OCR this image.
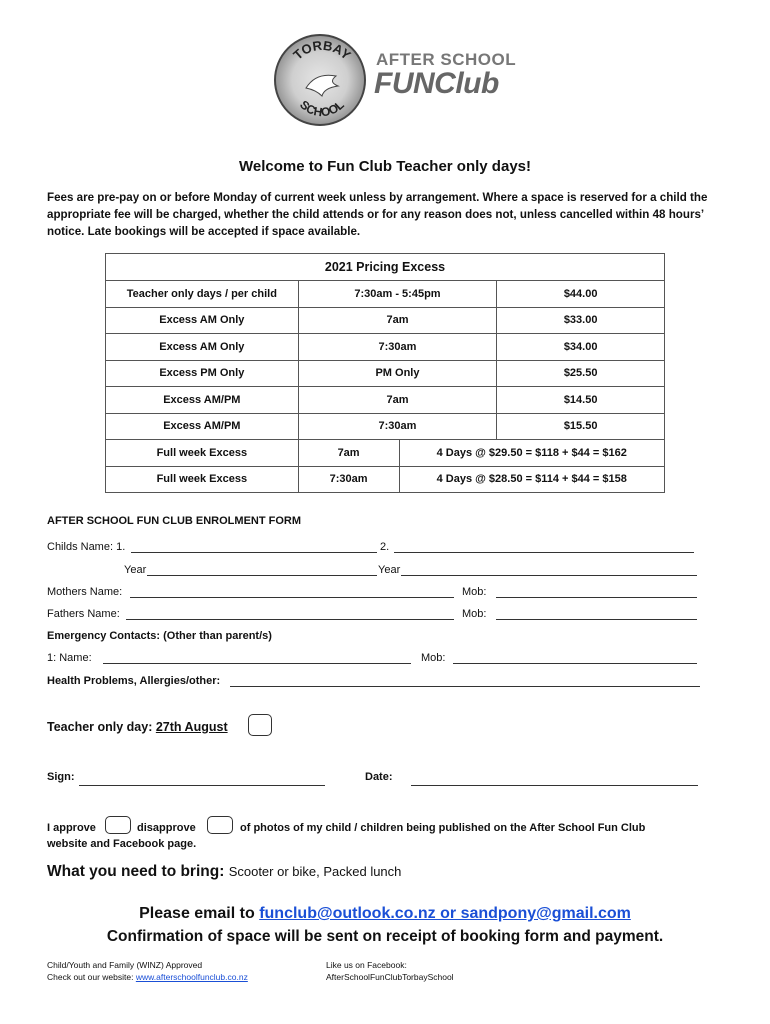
TORBAY
SCHOOL
AFTER SCHOOL
FUNClub
Welcome to Fun Club Teacher only days!
Fees are pre-pay on or before Monday of current week unless by arrangement. Where a space is reserved for a child the appropriate fee will be charged, whether the child attends or for any reason does not, unless cancelled within 48 hours’ notice. Late bookings will be accepted if space available.
2021 Pricing Excess			
Teacher only days / per child	7:30am - 5:45pm		$44.00
Excess AM Only	7am		$33.00
Excess AM Only	7:30am		$34.00
Excess PM Only	PM Only		$25.50
Excess AM/PM	7am		$14.50
Excess AM/PM	7:30am		$15.50
Full week Excess	7am	4 Days @ $29.50 = $118 + $44 = $162	
Full week Excess	7:30am	4 Days @ $28.50 = $114 + $44 = $158	
AFTER SCHOOL FUN CLUB ENROLMENT FORM
Childs Name: 1.	2.
Year	Year
Mothers Name:	Mob:
Fathers Name:	Mob:
Emergency Contacts: (Other than parent/s)
1: Name:	Mob:
Health Problems, Allergies/other:
Teacher only day: 27th August
Sign:	Date:
I approve	disapprove	of photos of my child / children being published on the After School Fun Club
website and Facebook page.
What you need to bring: Scooter or bike, Packed lunch
Please email to funclub@outlook.co.nz or sandpony@gmail.com
Confirmation of space will be sent on receipt of booking form and payment.
Child/Youth and Family (WINZ) Approved
Check out our website: www.afterschoolfunclub.co.nz
Like us on Facebook:
AfterSchoolFunClubTorbaySchool
